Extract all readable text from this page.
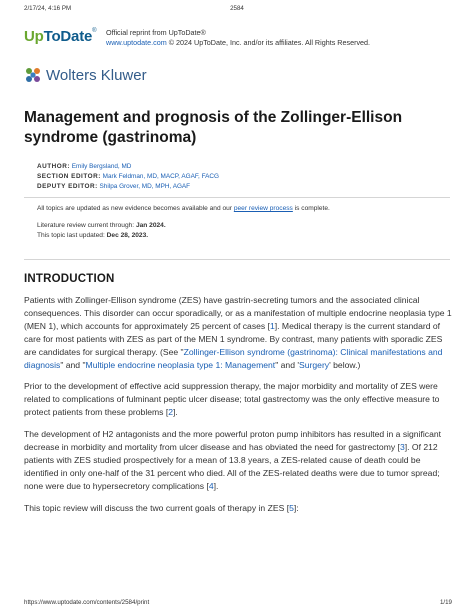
2/17/24, 4:16 PM	2584
UpToDate®	Official reprint from UpToDate®
www.uptodate.com © 2024 UpToDate, Inc. and/or its affiliates. All Rights Reserved.
Wolters Kluwer
Management and prognosis of the Zollinger-Ellison syndrome (gastrinoma)
AUTHOR: Emily Bergsland, MD
SECTION EDITOR: Mark Feldman, MD, MACP, AGAF, FACG
DEPUTY EDITOR: Shilpa Grover, MD, MPH, AGAF
All topics are updated as new evidence becomes available and our peer review process is complete.
Literature review current through: Jan 2024.
This topic last updated: Dec 28, 2023.
INTRODUCTION

Patients with Zollinger-Ellison syndrome (ZES) have gastrin-secreting tumors and the associated clinical consequences. This disorder can occur sporadically, or as a manifestation of multiple endocrine neoplasia type 1 (MEN 1), which accounts for approximately 25 percent of cases [1]. Medical therapy is the current standard of care for most patients with ZES as part of the MEN 1 syndrome. By contrast, many patients with sporadic ZES are candidates for surgical therapy. (See "Zollinger-Ellison syndrome (gastrinoma): Clinical manifestations and diagnosis" and "Multiple endocrine neoplasia type 1: Management" and 'Surgery' below.)

Prior to the development of effective acid suppression therapy, the major morbidity and mortality of ZES were related to complications of fulminant peptic ulcer disease; total gastrectomy was the only effective measure to protect patients from these problems [2].

The development of H2 antagonists and the more powerful proton pump inhibitors has resulted in a significant decrease in morbidity and mortality from ulcer disease and has obviated the need for gastrectomy [3]. Of 212 patients with ZES studied prospectively for a mean of 13.8 years, a ZES-related cause of death could be identified in only one-half of the 31 percent who died. All of the ZES-related deaths were due to tumor spread; none were due to hypersecretory complications [4].

This topic review will discuss the two current goals of therapy in ZES [5]:

https://www.uptodate.com/contents/2584/print	1/19
